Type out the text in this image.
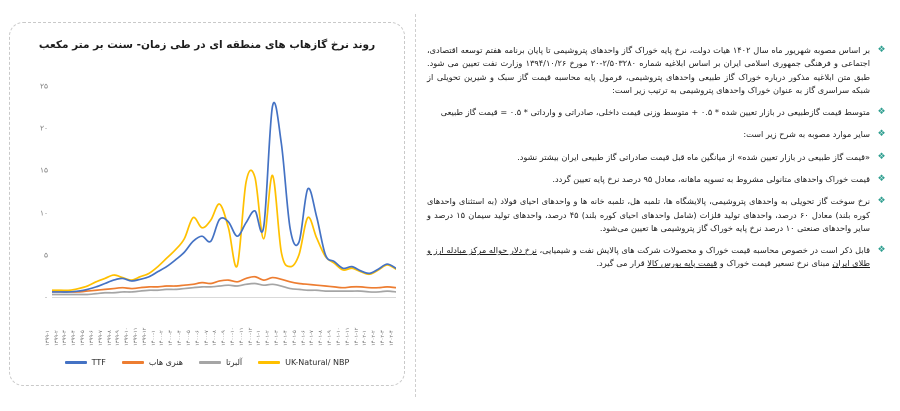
روند نرخ گازهاب های منطقه ای در طی زمان- سنت بر متر مکعب
۰
۵
۱۰
۱۵
۲۰
۲۵
۱۳۹۹-۱ ۱۳۹۹-۲ ۱۳۹۹-۳ ۱۳۹۹-۴ ۱۳۹۹-۵ ۱۳۹۹-۶ ۱۳۹۹-۷ ۱۳۹۹-۸ ۱۳۹۹-۹ ۱۳۹۹-۱۰ ۱۳۹۹-۱۱ ۱۳۹۹-۱۲ ۱۴۰۰-۱ ۱۴۰۰-۲ ۱۴۰۰-۳ ۱۴۰۰-۴ ۱۴۰۰-۵ ۱۴۰۰-۶ ۱۴۰۰-۷ ۱۴۰۰-۸ ۱۴۰۰-۹ ۱۴۰۰-۱۰ ۱۴۰۰-۱۱ ۱۴۰۰-۱۲ ۱۴۰۱-۱ ۱۴۰۱-۲ ۱۴۰۱-۳ ۱۴۰۱-۴ ۱۴۰۱-۵ ۱۴۰۱-۶ ۱۴۰۱-۷ ۱۴۰۱-۸ ۱۴۰۱-۹ ۱۴۰۱-۱۰ ۱۴۰۱-۱۱ ۱۴۰۱-۱۲ ۱۴۰۲-۱ ۱۴۰۲-۲ ۱۴۰۲-۳ ۱۴۰۲-۴
TTF	هنری هاب	آلبرتا	UK-Natural/ NBP
❖
بر اساس مصوبه شهریور ماه سال ۱۴۰۲ هیات دولت، نرخ پایه خوراک گاز واحدهای پتروشیمی تا پایان برنامه هفتم توسعه اقتصادی، اجتماعی و فرهنگی جمهوری اسلامی ایران بر اساس ابلاغیه شماره ۲/۵۰۳۲۸۰-۲۰ مورخ ۱۳۹۴/۱۰/۲۶ وزارت نفت تعیین می شود. طبق متن ابلاغیه مذکور درباره خوراک گاز طبیعی واحدهای پتروشیمی، فرمول پایه محاسبه قیمت گاز سبک و شیرین تحویلی از شبکه سراسری گاز به عنوان خوراک واحدهای پتروشیمی به ترتیب زیر است:
❖
متوسط قیمت گازطبیعی در بازار تعیین شده * ۰.۵ + متوسط وزنی قیمت داخلی، صادراتی و وارداتی * ۰.۵ = قیمت گاز طبیعی
❖
سایر موارد مصوبه به شرح زیر است:
❖
«قیمت گاز طبیعی در بازار تعیین شده» از میانگین ماه قبل قیمت صادراتی گاز طبیعی ایران بیشتر نشود.
❖
قیمت خوراک واحدهای متانولی مشروط به تسویه ماهانه، معادل ۹۵ درصد نرخ پایه تعیین گردد.
❖
نرخ سوخت گاز تحویلی به واحدهای پتروشیمی، پالایشگاه ها، تلمبه هل، تلمبه خانه ها و واحدهای احیای فولاد (به استثنای واحدهای کوره بلند) معادل ۶۰ درصد، واحدهای تولید فلزات (شامل واحدهای احیای کوره بلند) ۴۵ درصد، واحدهای تولید سیمان ۱۵ درصد و سایر واحدهای صنعتی ۱۰ درصد نرخ پایه خوراک گاز پتروشیمی ها تعیین می‌شود.
❖
قابل ذکر است در خصوص محاسبه قیمت خوراک و محصولات شرکت های پالایش نفت و شیمیایی، نرخ دلار حواله مرکز مبادله ارز و طلای ایران مبنای نرخ تسعیر قیمت خوراک و قیمت پایه بورس کالا قرار می گیرد.
